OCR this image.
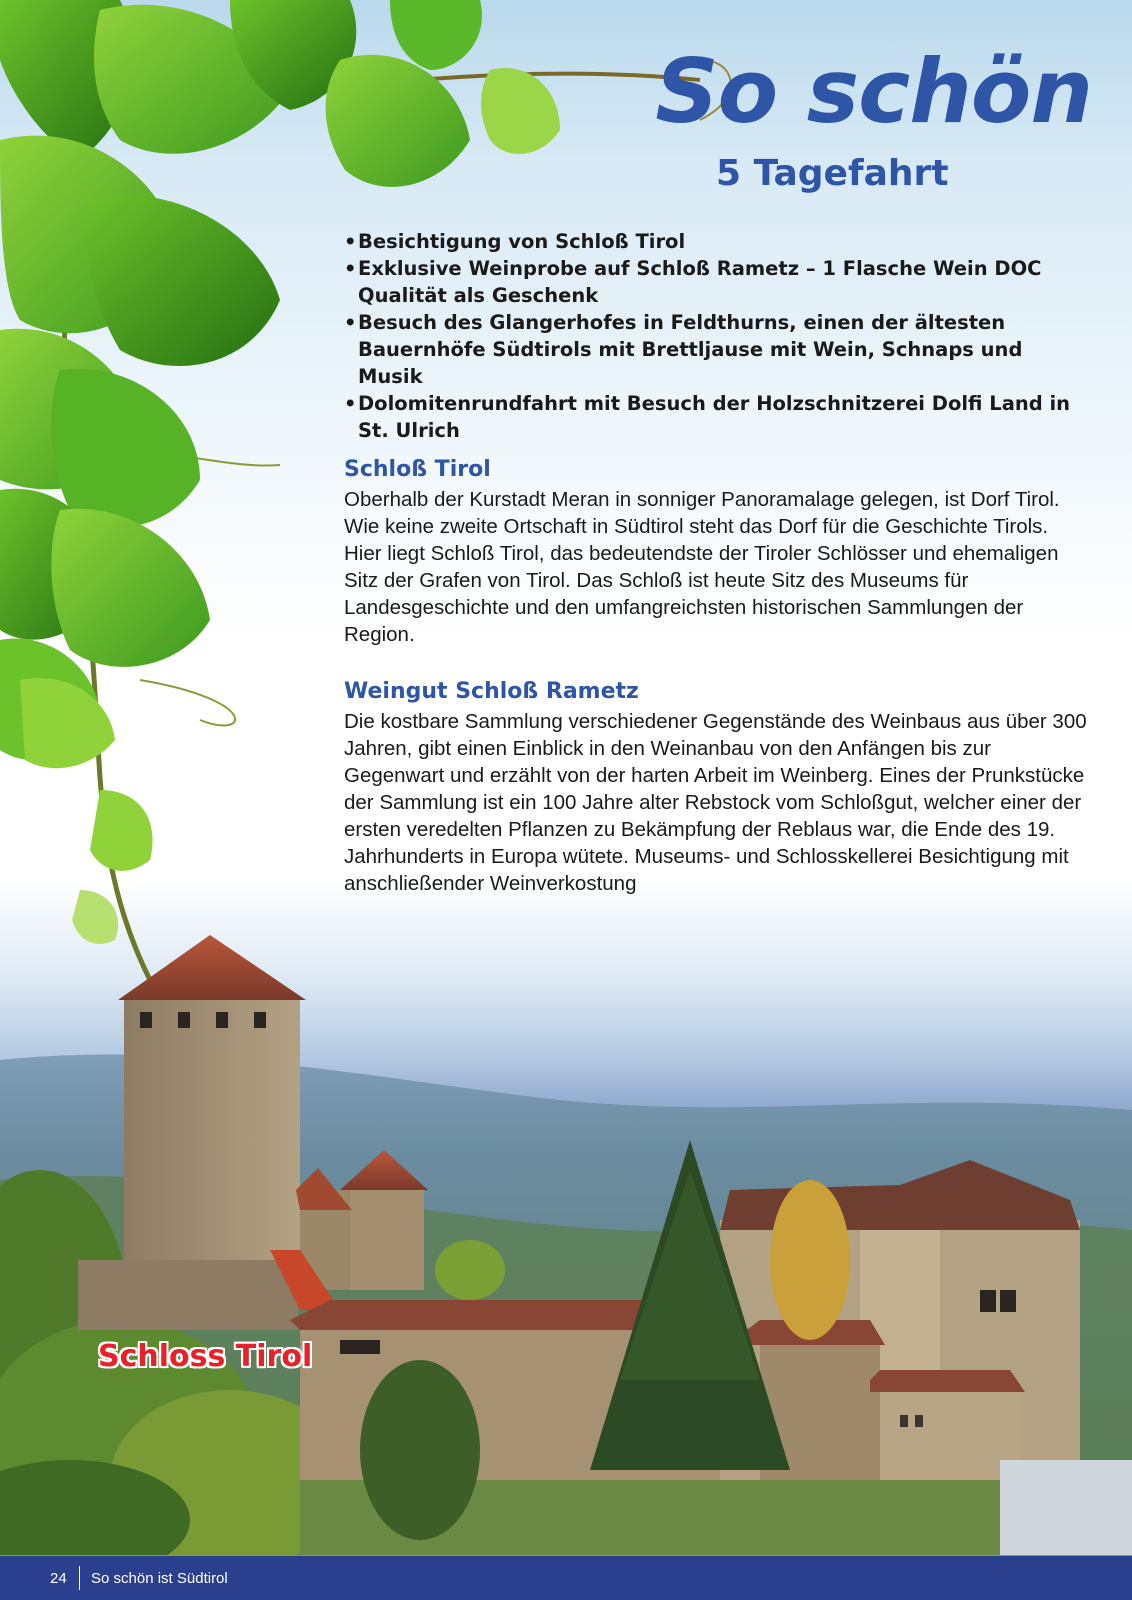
So schön
5 Tagefahrt
• Besichtigung von Schloß Tirol
• Exklusive Weinprobe auf Schloß Rametz – 1 Flasche Wein DOC Qualität als Geschenk
• Besuch des Glangerhofes in Feldthurns, einen der ältesten Bauernhöfe Südtirols mit Brettljause mit Wein, Schnaps und Musik
• Dolomitenrundfahrt mit Besuch der Holzschnitzerei Dolfi Land in St. Ulrich
Schloß Tirol

Oberhalb der Kurstadt Meran in sonniger Panoramalage gelegen, ist Dorf Tirol. Wie keine zweite Ortschaft in Südtirol steht das Dorf für die Geschichte Tirols. Hier liegt Schloß Tirol, das bedeutendste der Tiroler Schlösser und ehemaligen Sitz der Grafen von Tirol. Das Schloß ist heute Sitz des Museums für Landesgeschichte und den umfangreichsten historischen Sammlungen der Region.

Weingut Schloß Rametz

Die kostbare Sammlung verschiedener Gegenstände des Weinbaus aus über 300 Jahren, gibt einen Einblick in den Weinanbau von den Anfängen bis zur Gegenwart und erzählt von der harten Arbeit im Weinberg. Eines der Prunkstücke der Sammlung ist ein 100 Jahre alter Rebstock vom Schloßgut, welcher einer der ersten veredelten Pflanzen zu Bekämpfung der Reblaus war, die Ende des 19. Jahrhunderts in Europa wütete. Museums- und Schlosskellerei Besichtigung mit anschließender Weinverkostung

Schloss Tirol
24 So schön ist Südtirol
